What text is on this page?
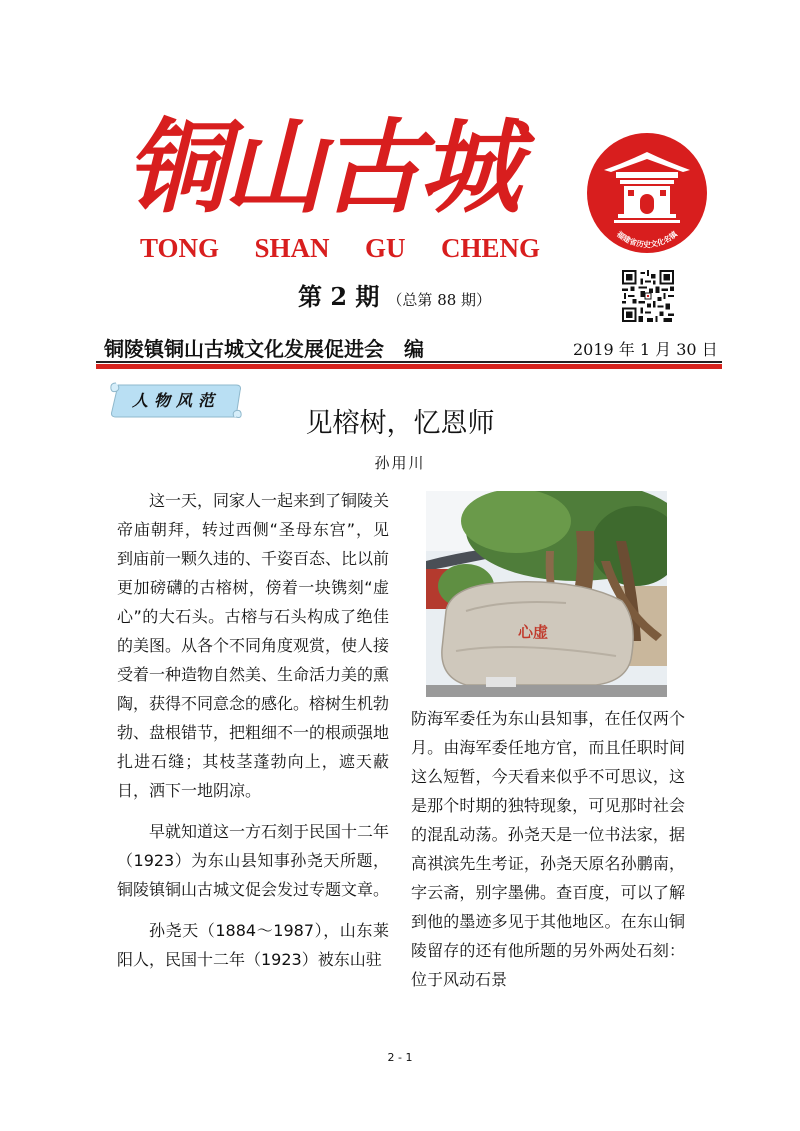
铜山古城
TONG SHAN GU CHENG
第 2 期 （总第 88 期）
福建省历史文化名镇
铜陵镇铜山古城文化发展促进会　编	2019 年 1 月 30 日
人物风范
见榕树，忆恩师
孙用川

这一天，同家人一起来到了铜陵关帝庙朝拜，转过西侧“圣母东宫”，见到庙前一颗久违的、千姿百态、比以前更加磅礴的古榕树，傍着一块镌刻“虚心”的大石头。古榕与石头构成了绝佳的美图。从各个不同角度观赏，使人接受着一种造物自然美、生命活力美的熏陶，获得不同意念的感化。榕树生机勃勃、盘根错节，把粗细不一的根顽强地扎进石缝；其枝茎蓬勃向上，遮天蔽日，洒下一地阴凉。

早就知道这一方石刻于民国十二年（1923）为东山县知事孙尧天所题，铜陵镇铜山古城文促会发过专题文章。

孙尧天（1884～1987），山东莱阳人，民国十二年（1923）被东山驻

心虚

防海军委任为东山县知事，在任仅两个月。由海军委任地方官，而且任职时间这么短暂，今天看来似乎不可思议，这是那个时期的独特现象，可见那时社会的混乱动荡。孙尧天是一位书法家，据高祺滨先生考证，孙尧天原名孙鹏南，字云斋，别字墨佛。查百度，可以了解到他的墨迹多见于其他地区。在东山铜陵留存的还有他所题的另外两处石刻：位于风动石景

2 - 1
